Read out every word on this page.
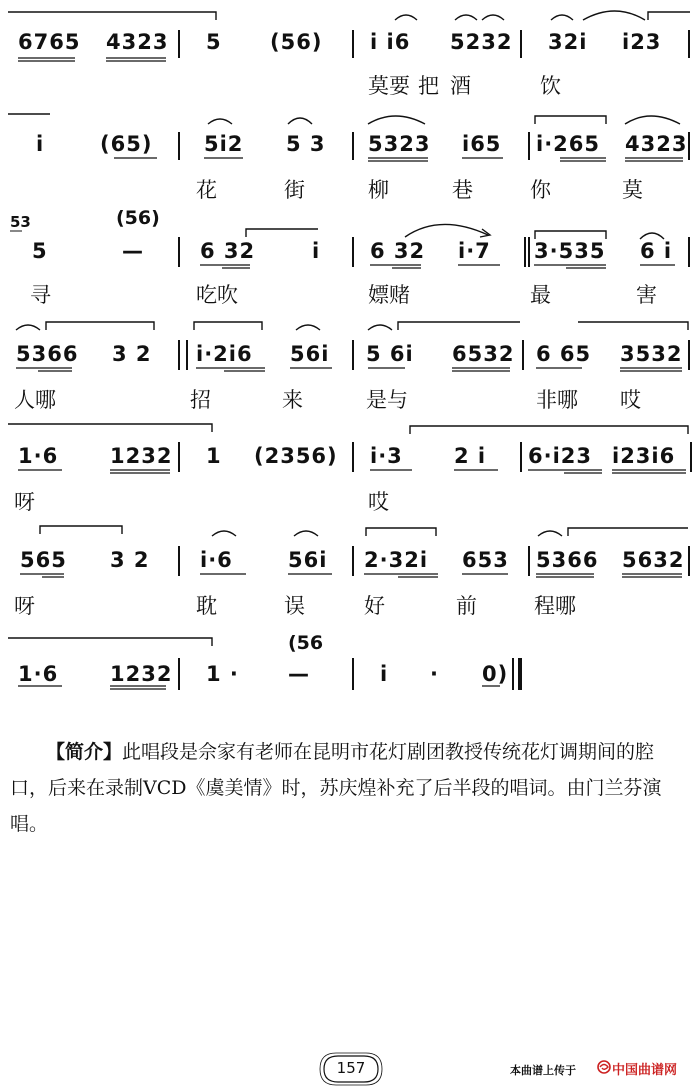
6765 4323 5 (56) i i6 5232 32i i23
莫要 把 酒	饮
i	(65) 5i2 5 3 5323 i65 i·265 4323
花	街	柳	巷	你	莫
53	(56)
5	—	6 32	i 6 32 i·7 3·535 6 i
寻	吃吹	嫖赌	最	害
5366 3 2 i·2i6 56i 5 6i 6532 6 65 3532
人哪	招	来	是与	非哪 哎
1·6 1232 1 (2356) i·3 2 i 6·i23 i23i6
呀	哎
565 3 2 i·6	56i 2·32i 653 5366 5632
呀	耽	误	好	前	程哪
(56
1·6 1232 1 · —	i · 0)
【简介】此唱段是佘家有老师在昆明市花灯剧团教授传统花灯调期间的腔口，后来在录制VCD《虞美情》时，苏庆煌补充了后半段的唱词。由门兰芬演唱。
157	本曲谱上传于	中国曲谱网
